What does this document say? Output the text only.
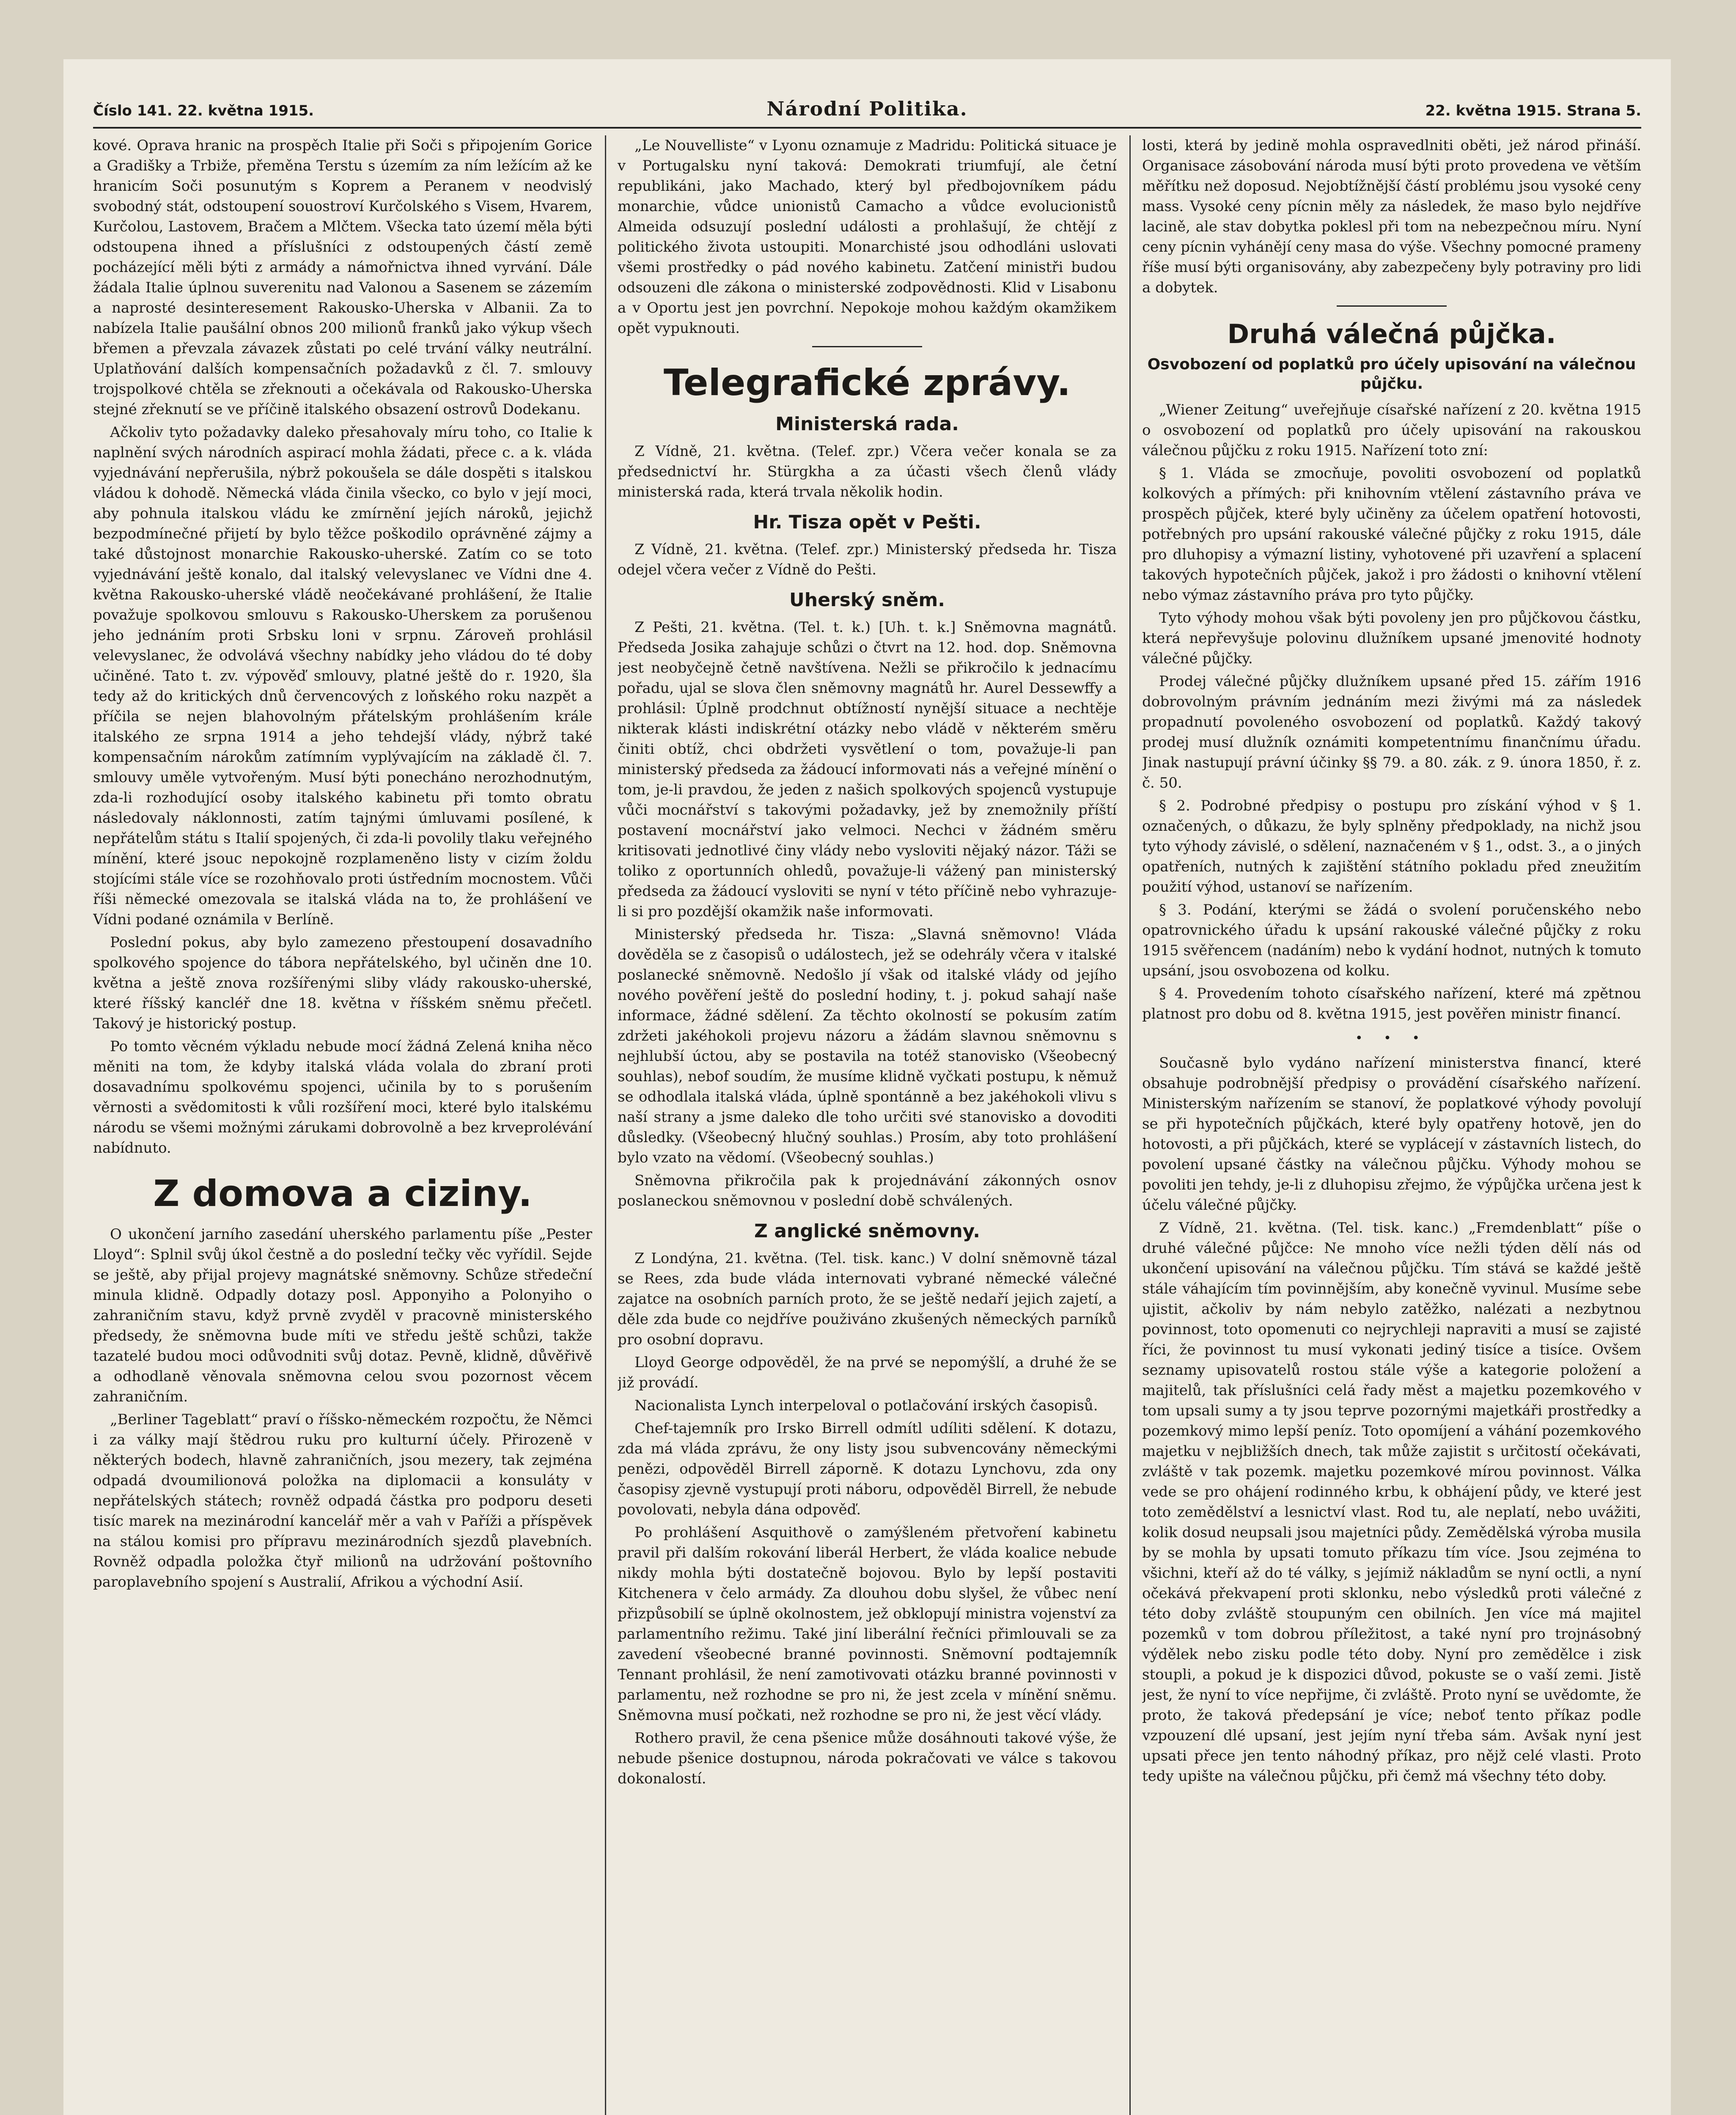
Číslo 141. 22. května 1915.	Národní Politika.	22. května 1915. Strana 5.

kové. Oprava hranic na prospěch Italie při Soči s připojením Gorice a Gradišky a Trbiže, přeměna Terstu s územím za ním ležícím až ke hranicím Soči posunutým s Koprem a Peranem v neodvislý svobodný stát, odstoupení souostroví Kurčolského s Visem, Hvarem, Kurčolou, Lastovem, Bračem a Mlčtem. Všecka tato území měla býti odstoupena ihned a příslušníci z odstoupených částí země pocházející měli býti z armády a námořnictva ihned vyrvání. Dále žádala Italie úplnou suverenitu nad Valonou a Sasenem se zázemím a naprosté desinteresement Rakousko-Uherska v Albanii. Za to nabízela Italie paušální obnos 200 milionů franků jako výkup všech břemen a převzala závazek zůstati po celé trvání války neutrální. Uplatňování dalších kompensačních požadavků z čl. 7. smlouvy trojspolkové chtěla se zřeknouti a očekávala od Rakousko-Uherska stejné zřeknutí se ve příčině italského obsazení ostrovů Dodekanu.

Ačkoliv tyto požadavky daleko přesahovaly míru toho, co Italie k naplnění svých národních aspirací mohla žádati, přece c. a k. vláda vyjednávání nepřerušila, nýbrž pokoušela se dále dospěti s italskou vládou k dohodě. Německá vláda činila všecko, co bylo v její moci, aby pohnula italskou vládu ke zmírnění jejích nároků, jejichž bezpodmínečné přijetí by bylo těžce poškodilo oprávněné zájmy a také důstojnost monarchie Rakousko-uherské. Zatím co se toto vyjednávání ještě konalo, dal italský velevyslanec ve Vídni dne 4. května Rakousko-uherské vládě neočekávané prohlášení, že Italie považuje spolkovou smlouvu s Rakousko-Uherskem za porušenou jeho jednáním proti Srbsku loni v srpnu. Zároveň prohlásil velevyslanec, že odvolává všechny nabídky jeho vládou do té doby učiněné. Tato t. zv. výpověď smlouvy, platné ještě do r. 1920, šla tedy až do kritických dnů červencových z loňského roku nazpět a příčila se nejen blahovolným přátelským prohlášením krále italského ze srpna 1914 a jeho tehdejší vlády, nýbrž také kompensačním nárokům zatímním vyplývajícím na základě čl. 7. smlouvy uměle vytvořeným. Musí býti ponecháno nerozhodnutým, zda-li rozhodující osoby italského kabinetu při tomto obratu následovaly náklonnosti, zatím tajnými úmluvami posílené, k nepřátelům státu s Italií spojených, či zda-li povolily tlaku veřejného mínění, které jsouc nepokojně rozplameněno listy v cizím žoldu stojícími stále více se rozohňovalo proti ústředním mocnostem. Vůči říši německé omezovala se italská vláda na to, že prohlášení ve Vídni podané oznámila v Berlíně.

Poslední pokus, aby bylo zamezeno přestoupení dosavadního spolkového spojence do tábora nepřátelského, byl učiněn dne 10. května a ještě znova rozšířenými sliby vlády rakousko-uherské, které říšský kancléř dne 18. května v říšském sněmu přečetl. Takový je historický postup.

Po tomto věcném výkladu nebude mocí žádná Zelená kniha něco měniti na tom, že kdyby italská vláda volala do zbraní proti dosavadnímu spolkovému spojenci, učinila by to s porušením věrnosti a svědomitosti k vůli rozšíření moci, které bylo italskému národu se všemi možnými zárukami dobrovolně a bez krveprolévání nabídnuto.

Z domova a ciziny.

O ukončení jarního zasedání uherského parlamentu píše „Pester Lloyd“: Splnil svůj úkol čestně a do poslední tečky věc vyřídil. Sejde se ještě, aby přijal projevy magnátské sněmovny. Schůze středeční minula klidně. Odpadly dotazy posl. Apponyiho a Polonyiho o zahraničním stavu, když prvně zvyděl v pracovně ministerského předsedy, že sněmovna bude míti ve středu ještě schůzi, takže tazatelé budou moci odůvodniti svůj dotaz. Pevně, klidně, důvěřivě a odhodlaně věnovala sněmovna celou svou pozornost věcem zahraničním.

„Berliner Tageblatt“ praví o říšsko-německém rozpočtu, že Němci i za války mají štědrou ruku pro kulturní účely. Přirozeně v některých bodech, hlavně zahraničních, jsou mezery, tak zejména odpadá dvoumilionová položka na diplomacii a konsuláty v nepřátelských státech; rovněž odpadá částka pro podporu deseti tisíc marek na mezinárodní kancelář měr a vah v Paříži a příspěvek na stálou komisi pro přípravu mezinárodních sjezdů plavebních. Rovněž odpadla položka čtyř milionů na udržování poštovního paroplavebního spojení s Australií, Afrikou a východní Asií.

„Le Nouvelliste“ v Lyonu oznamuje z Madridu: Politická situace je v Portugalsku nyní taková: Demokrati triumfují, ale četní republikáni, jako Machado, který byl předbojovníkem pádu monarchie, vůdce unionistů Camacho a vůdce evolucionistů Almeida odsuzují poslední události a prohlašují, že chtějí z politického života ustoupiti. Monarchisté jsou odhodláni uslovati všemi prostředky o pád nového kabinetu. Zatčení ministři budou odsouzeni dle zákona o ministerské zodpovědnosti. Klid v Lisabonu a v Oportu jest jen povrchní. Nepokoje mohou každým okamžikem opět vypuknouti.

Telegrafické zprávy.
Ministerská rada.

Z Vídně, 21. května. (Telef. zpr.) Včera večer konala se za předsednictví hr. Stürgkha a za účasti všech členů vlády ministerská rada, která trvala několik hodin.

Hr. Tisza opět v Pešti.

Z Vídně, 21. května. (Telef. zpr.) Ministerský předseda hr. Tisza odejel včera večer z Vídně do Pešti.

Uherský sněm.

Z Pešti, 21. května. (Tel. t. k.) [Uh. t. k.] Sněmovna magnátů. Předseda Josika zahajuje schůzi o čtvrt na 12. hod. dop. Sněmovna jest neobyčejně četně navštívena. Nežli se přikročilo k jednacímu pořadu, ujal se slova člen sněmovny magnátů hr. Aurel Dessewffy a prohlásil: Úplně prodchnut obtížností nynější situace a nechtěje nikterak klásti indiskrétní otázky nebo vládě v některém směru činiti obtíž, chci obdržeti vysvětlení o tom, považuje-li pan ministerský předseda za žádoucí informovati nás a veřejné mínění o tom, je-li pravdou, že jeden z našich spolkových spojenců vystupuje vůči mocnářství s takovými požadavky, jež by znemožnily příští postavení mocnářství jako velmoci. Nechci v žádném směru kritisovati jednotlivé činy vlády nebo vysloviti nějaký názor. Táži se toliko z oportunních ohledů, považuje-li vážený pan ministerský předseda za žádoucí vysloviti se nyní v této příčině nebo vyhrazuje-li si pro pozdější okamžik naše informovati.

Ministerský předseda hr. Tisza: „Slavná sněmovno! Vláda dověděla se z časopisů o událostech, jež se odehrály včera v italské poslanecké sněmovně. Nedošlo jí však od italské vlády od jejího nového pověření ještě do poslední hodiny, t. j. pokud sahají naše informace, žádné sdělení. Za těchto okolností se pokusím zatím zdržeti jakéhokoli projevu názoru a žádám slavnou sněmovnu s nejhlubší úctou, aby se postavila na totéž stanovisko (Všeobecný souhlas), nebof soudím, že musíme klidně vyčkati postupu, k němuž se odhodlala italská vláda, úplně spontánně a bez jakéhokoli vlivu s naší strany a jsme daleko dle toho určiti své stanovisko a dovoditi důsledky. (Všeobecný hlučný souhlas.) Prosím, aby toto prohlášení bylo vzato na vědomí. (Všeobecný souhlas.)

Sněmovna přikročila pak k projednávání zákonných osnov poslaneckou sněmovnou v poslední době schválených.

Z anglické sněmovny.

Z Londýna, 21. května. (Tel. tisk. kanc.) V dolní sněmovně tázal se Rees, zda bude vláda internovati vybrané německé válečné zajatce na osobních parních proto, že se ještě nedaří jejich zajetí, a děle zda bude co nejdříve použiváno zkušených německých parníků pro osobní dopravu.

Lloyd George odpověděl, že na prvé se nepomýšlí, a druhé že se již provádí.

Nacionalista Lynch interpeloval o potlačování irských časopisů.

Chef-tajemník pro Irsko Birrell odmítl udíliti sdělení. K dotazu, zda má vláda zprávu, že ony listy jsou subvencovány německými penězi, odpověděl Birrell záporně. K dotazu Lynchovu, zda ony časopisy zjevně vystupují proti náboru, odpověděl Birrell, že nebude povolovati, nebyla dána odpověď.

Po prohlášení Asquithově o zamýšleném přetvoření kabinetu pravil při dalším rokování liberál Herbert, že vláda koalice nebude nikdy mohla býti dostatečně bojovou. Bylo by lepší postaviti Kitchenera v čelo armády. Za dlouhou dobu slyšel, že vůbec není přizpůsobilí se úplně okolnostem, jež obklopují ministra vojenství za parlamentního režimu. Také jiní liberální řečníci přimlouvali se za zavedení všeobecné branné povinnosti. Sněmovní podtajemník Tennant prohlásil, že není zamotivovati otázku branné povinnosti v parlamentu, než rozhodne se pro ni, že jest zcela v mínění sněmu. Sněmovna musí počkati, než rozhodne se pro ni, že jest věcí vlády.

Rothero pravil, že cena pšenice může dosáhnouti takové výše, že nebude pšenice dostupnou, národa pokračovati ve válce s takovou dokonalostí.

losti, která by jedině mohla ospravedlniti oběti, jež národ přináší. Organisace zásobování národa musí býti proto provedena ve větším měřítku než doposud. Nejobtížnější částí problému jsou vysoké ceny mass. Vysoké ceny pícnin měly za následek, že maso bylo nejdříve lacině, ale stav dobytka poklesl při tom na nebezpečnou míru. Nyní ceny pícnin vyhánějí ceny masa do výše. Všechny pomocné prameny říše musí býti organisovány, aby zabezpečeny byly potraviny pro lidi a dobytek.

Druhá válečná půjčka.
Osvobození od poplatků pro účely upisování na válečnou půjčku.

„Wiener Zeitung“ uveřejňuje císařské nařízení z 20. května 1915 o osvobození od poplatků pro účely upisování na rakouskou válečnou půjčku z roku 1915. Nařízení toto zní:

§ 1. Vláda se zmocňuje, povoliti osvobození od poplatků kolkových a přímých: při knihovním vtělení zástavního práva ve prospěch půjček, které byly učiněny za účelem opatření hotovosti, potřebných pro upsání rakouské válečné půjčky z roku 1915, dále pro dluhopisy a výmazní listiny, vyhotovené při uzavření a splacení takových hypotečních půjček, jakož i pro žádosti o knihovní vtělení nebo výmaz zástavního práva pro tyto půjčky.

Tyto výhody mohou však býti povoleny jen pro půjčkovou částku, která nepřevyšuje polovinu dlužníkem upsané jmenovité hodnoty válečné půjčky.

Prodej válečné půjčky dlužníkem upsané před 15. zářím 1916 dobrovolným právním jednáním mezi živými má za následek propadnutí povoleného osvobození od poplatků. Každý takový prodej musí dlužník oznámiti kompetentnímu finančnímu úřadu. Jinak nastupují právní účinky §§ 79. a 80. zák. z 9. února 1850, ř. z. č. 50.

§ 2. Podrobné předpisy o postupu pro získání výhod v § 1. označených, o důkazu, že byly splněny předpoklady, na nichž jsou tyto výhody závislé, o sdělení, naznačeném v § 1., odst. 3., a o jiných opatřeních, nutných k zajištění státního pokladu před zneužitím použití výhod, ustanoví se nařízením.

§ 3. Podání, kterými se žádá o svolení poručenského nebo opatrovnického úřadu k upsání rakouské válečné půjčky z roku 1915 svěřencem (nadáním) nebo k vydání hodnot, nutných k tomuto upsání, jsou osvobozena od kolku.

§ 4. Provedením tohoto císařského nařízení, které má zpětnou platnost pro dobu od 8. května 1915, jest pověřen ministr financí.

• • •

Současně bylo vydáno nařízení ministerstva financí, které obsahuje podrobnější předpisy o provádění císařského nařízení. Ministerským nařízením se stanoví, že poplatkové výhody povolují se při hypotečních půjčkách, které byly opatřeny hotově, jen do hotovosti, a při půjčkách, které se vyplácejí v zástavních listech, do povolení upsané částky na válečnou půjčku. Výhody mohou se povoliti jen tehdy, je-li z dluhopisu zřejmo, že výpůjčka určena jest k účelu válečné půjčky.

Z Vídně, 21. května. (Tel. tisk. kanc.) „Fremdenblatt“ píše o druhé válečné půjčce: Ne mnoho více nežli týden dělí nás od ukončení upisování na válečnou půjčku. Tím stává se každé ještě stále váhajícím tím povinnějším, aby konečně vyvinul. Musíme sebe ujistit, ačkoliv by nám nebylo zatěžko, nalézati a nezbytnou povinnost, toto opomenuti co nejrychleji napraviti a musí se zajisté říci, že povinnost tu musí vykonati jediný tisíce a tisíce. Ovšem seznamy upisovatelů rostou stále výše a kategorie položení a majitelů, tak příslušníci celá řady měst a majetku pozemkového v tom upsali sumy a ty jsou teprve pozornými majetkáři prostředky a pozemkový mimo lepší peníz. Toto opomíjení a váhání pozemkového majetku v nejbližších dnech, tak může zajistit s určitostí očekávati, zvláště v tak pozemk. majetku pozemkové mírou povinnost. Válka vede se pro ohájení rodinného krbu, k obhájení půdy, ve které jest toto zemědělství a lesnictví vlast. Rod tu, ale neplatí, nebo uvážiti, kolik dosud neupsali jsou majetníci půdy. Zemědělská výroba musila by se mohla by upsati tomuto příkazu tím více. Jsou zejména to všichni, kteří až do té války, s jejímiž nákladům se nyní octli, a nyní očekává překvapení proti sklonku, nebo výsledků proti válečné z této doby zvláště stoupuným cen obilních. Jen více má majitel pozemků v tom dobrou příležitost, a také nyní pro trojnásobný výdělek nebo zisku podle této doby. Nyní pro zemědělce i zisk stoupli, a pokud je k dispozici důvod, pokuste se o vaší zemi. Jistě jest, že nyní to více nepřijme, či zvláště. Proto nyní se uvědomte, že proto, že taková předepsání je více; neboť tento příkaz podle vzpouzení dlé upsaní, jest jejím nyní třeba sám. Avšak nyní jest upsati přece jen tento náhodný příkaz, pro nějž celé vlasti. Proto tedy upište na válečnou půjčku, při čemž má všechny této doby.
